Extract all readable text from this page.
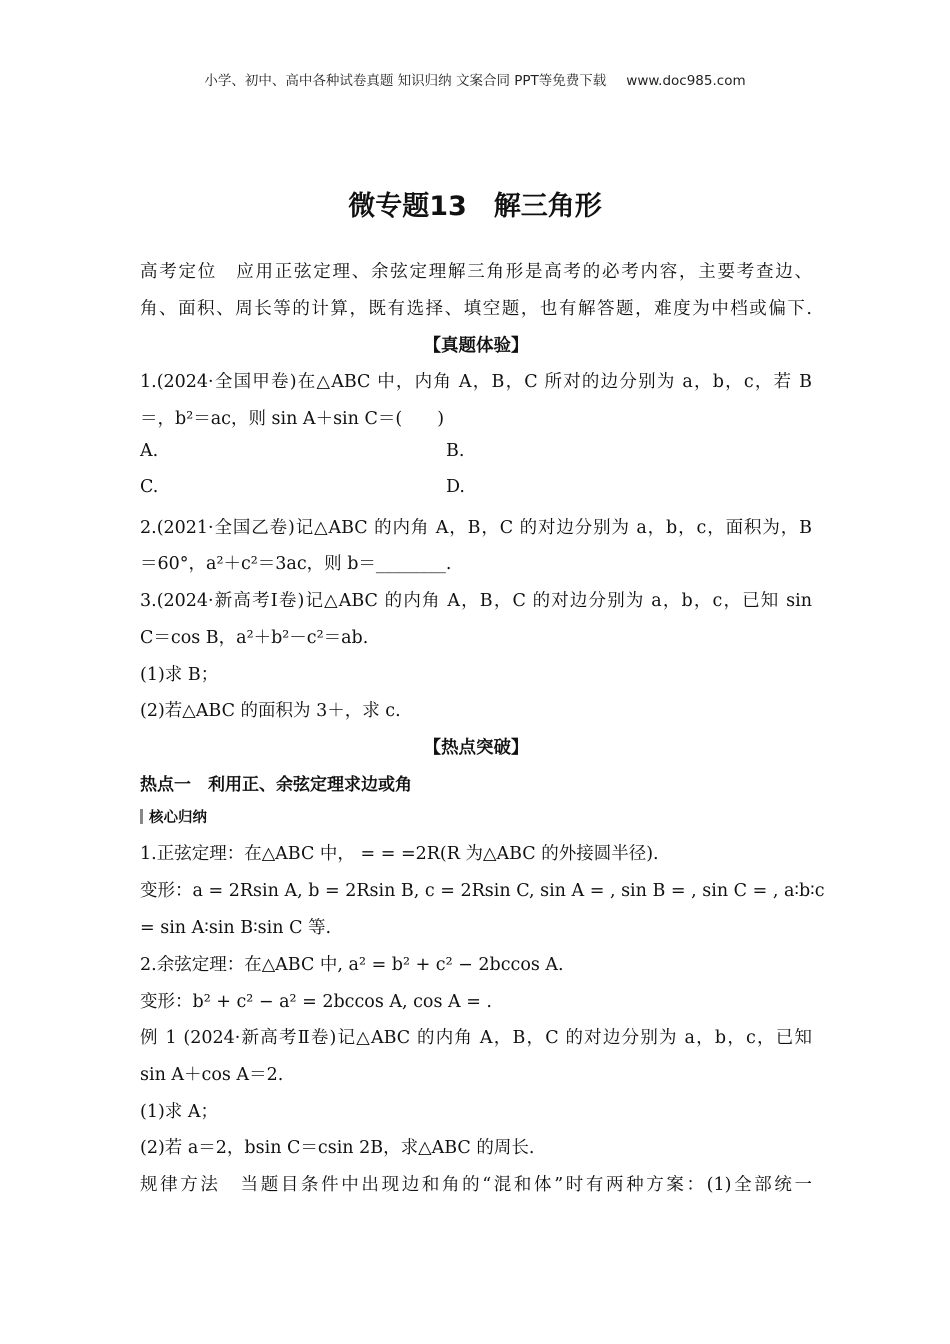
小学、初中、高中各种试卷真题 知识归纳 文案合同 PPT等免费下载 www.doc985.com
微专题13　解三角形
高考定位　应用正弦定理、余弦定理解三角形是高考的必考内容，主要考查边、
角、面积、周长等的计算，既有选择、填空题，也有解答题，难度为中档或偏下.
【真题体验】
1.(2024·全国甲卷)在△ABC 中，内角 A，B，C 所对的边分别为 a，b，c，若 B
＝，b²＝ac，则 sin A＋sin C＝(　　)
A.	B.
C.	D.
2.(2021·全国乙卷)记△ABC 的内角 A，B，C 的对边分别为 a，b，c，面积为，B
＝60°，a²＋c²＝3ac，则 b＝________.
3.(2024·新高考Ⅰ卷)记△ABC 的内角 A，B，C 的对边分别为 a，b，c，已知 sin
C＝cos B，a²＋b²－c²＝ab.
(1)求 B；
(2)若△ABC 的面积为 3＋，求 c.
【热点突破】
热点一　利用正、余弦定理求边或角
核心归纳
1.正弦定理：在△ABC 中， = = =2R(R 为△ABC 的外接圆半径).
变形：a = 2Rsin A, b = 2Rsin B, c = 2Rsin C, sin A = , sin B = , sin C = , a∶b∶c
= sin A∶sin B∶sin C 等.
2.余弦定理：在△ABC 中, a² = b² + c² − 2bccos A.
变形：b² + c² − a² = 2bccos A, cos A = .
例 1 (2024·新高考Ⅱ卷)记△ABC 的内角 A，B，C 的对边分别为 a，b，c，已知
sin A＋cos A＝2.
(1)求 A；
(2)若 a＝2，bsin C＝csin 2B，求△ABC 的周长.
规律方法　当题目条件中出现边和角的“混和体”时有两种方案：(1)全部统一
